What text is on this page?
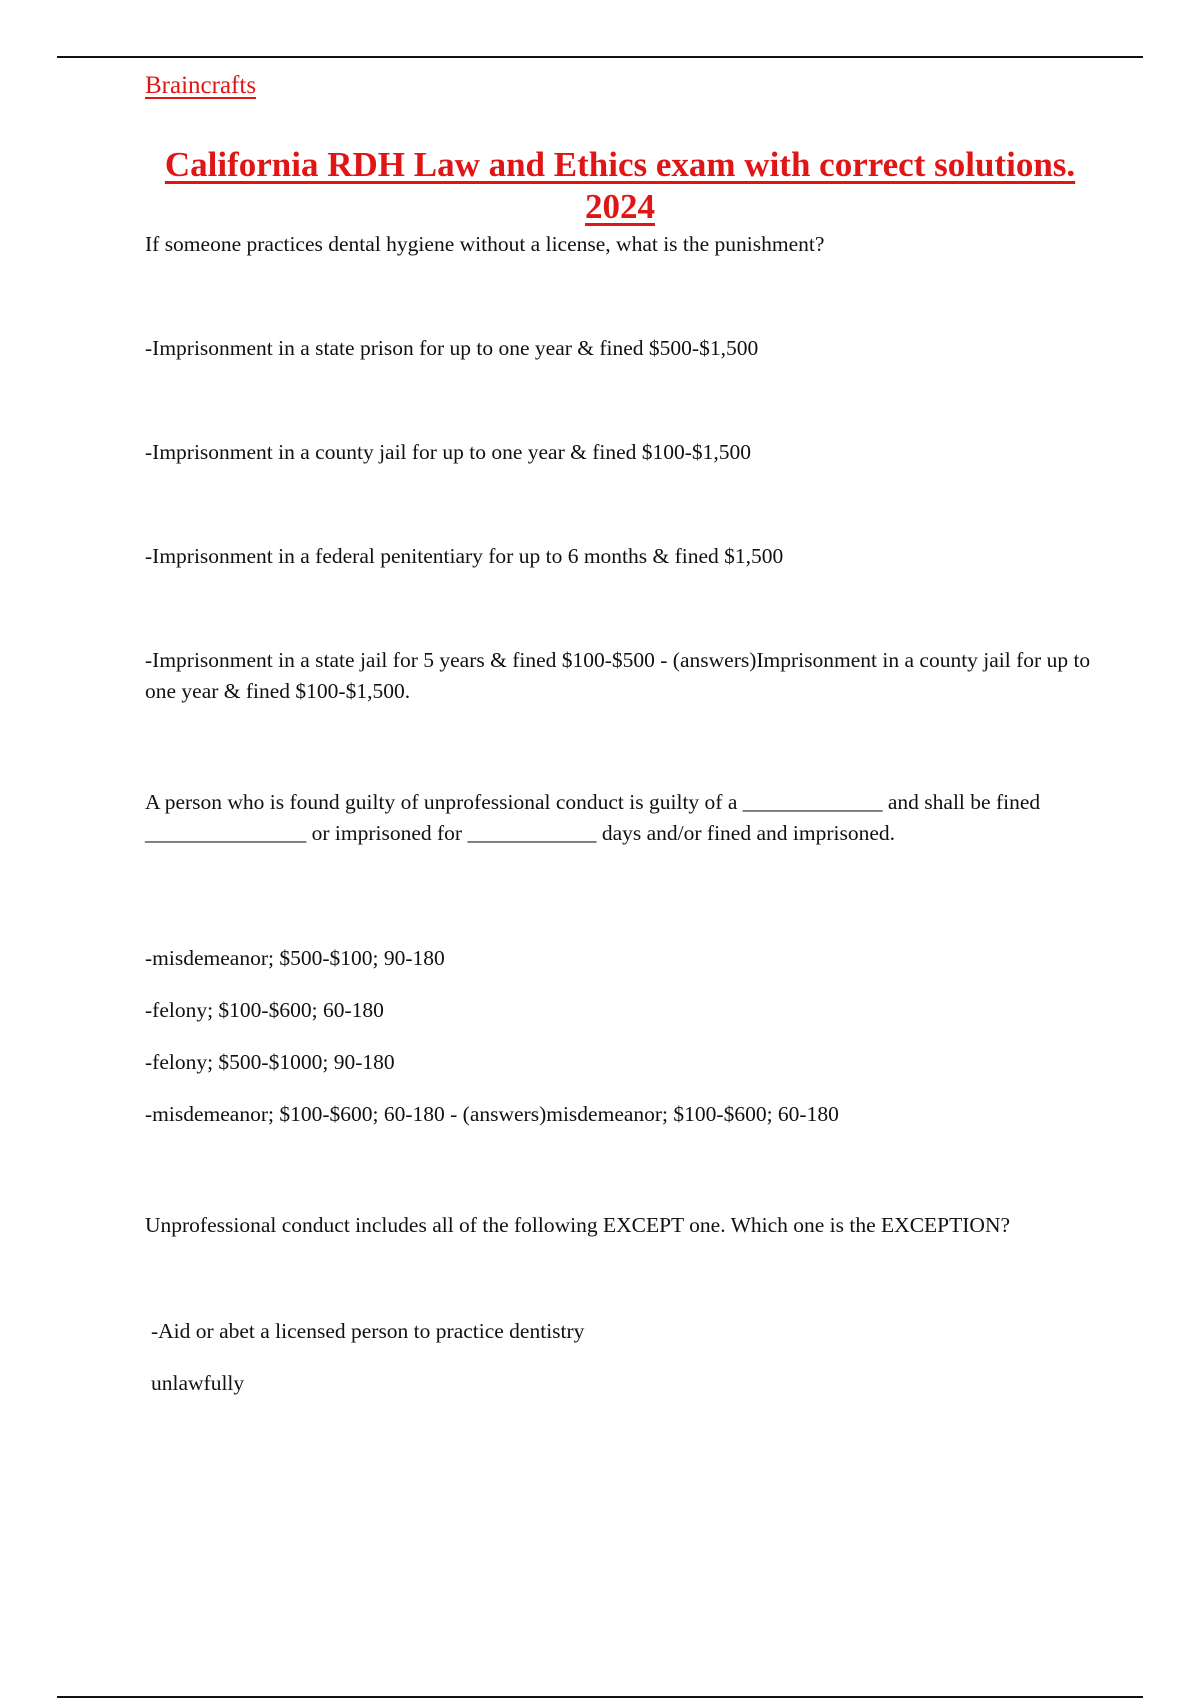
Braincrafts
California RDH Law and Ethics exam with correct solutions. 2024

If someone practices dental hygiene without a license, what is the punishment?

-Imprisonment in a state prison for up to one year & fined $500-$1,500

-Imprisonment in a county jail for up to one year & fined $100-$1,500

-Imprisonment in a federal penitentiary for up to 6 months & fined $1,500

-Imprisonment in a state jail for 5 years & fined $100-$500 - (answers)Imprisonment in a county jail for up to one year & fined $100-$1,500.

A person who is found guilty of unprofessional conduct is guilty of a _____________ and shall be fined _______________ or imprisoned for ____________ days and/or fined and imprisoned.

-misdemeanor; $500-$100; 90-180

-felony; $100-$600; 60-180

-felony; $500-$1000; 90-180

-misdemeanor; $100-$600; 60-180 - (answers)misdemeanor; $100-$600; 60-180

Unprofessional conduct includes all of the following EXCEPT one. Which one is the EXCEPTION?

-Aid or abet a licensed person to practice dentistry

unlawfully
